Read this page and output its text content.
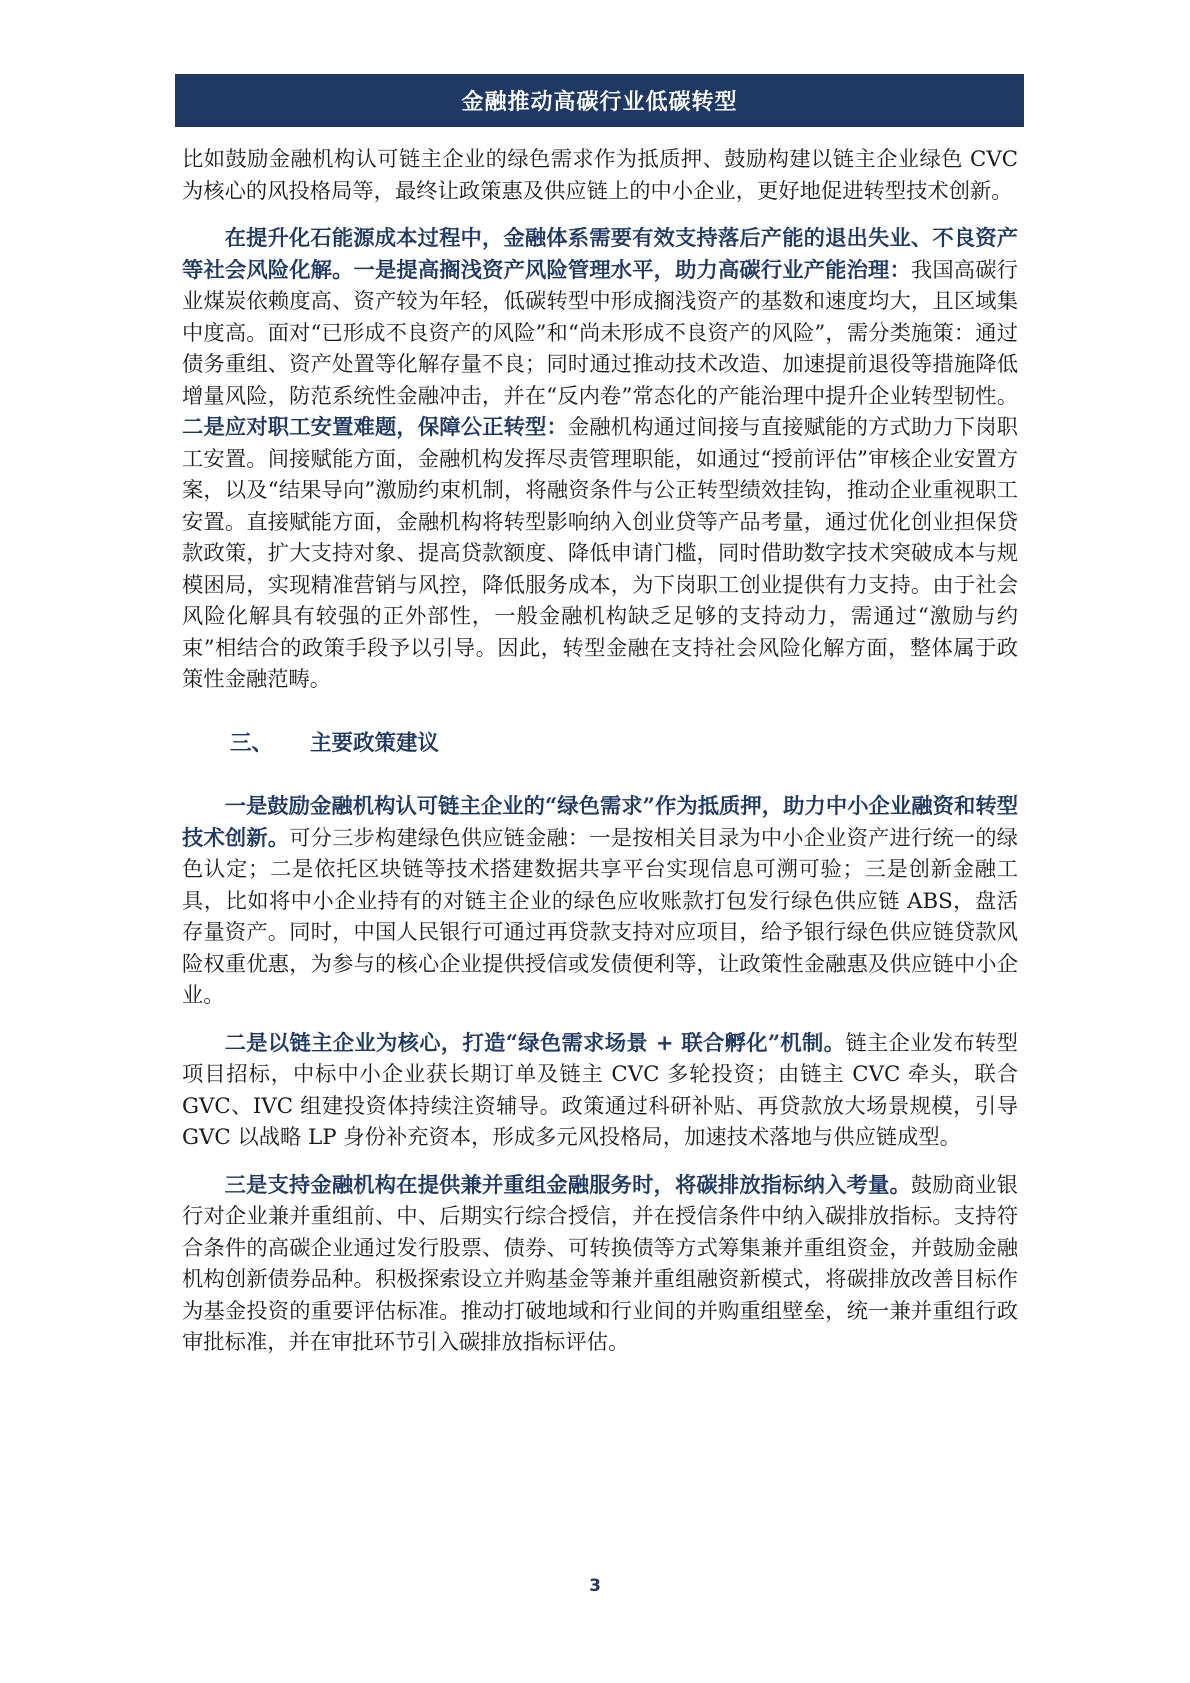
金融推动高碳行业低碳转型

比如鼓励金融机构认可链主企业的绿色需求作为抵质押、鼓励构建以链主企业绿色 CVC 为核心的风投格局等，最终让政策惠及供应链上的中小企业，更好地促进转型技术创新。

在提升化石能源成本过程中，金融体系需要有效支持落后产能的退出失业、不良资产等社会风险化解。一是提高搁浅资产风险管理水平，助力高碳行业产能治理：我国高碳行业煤炭依赖度高、资产较为年轻，低碳转型中形成搁浅资产的基数和速度均大，且区域集中度高。面对“已形成不良资产的风险”和“尚未形成不良资产的风险”，需分类施策：通过债务重组、资产处置等化解存量不良；同时通过推动技术改造、加速提前退役等措施降低增量风险，防范系统性金融冲击，并在“反内卷”常态化的产能治理中提升企业转型韧性。二是应对职工安置难题，保障公正转型：金融机构通过间接与直接赋能的方式助力下岗职工安置。间接赋能方面，金融机构发挥尽责管理职能，如通过“授前评估”审核企业安置方案，以及“结果导向”激励约束机制，将融资条件与公正转型绩效挂钩，推动企业重视职工安置。直接赋能方面，金融机构将转型影响纳入创业贷等产品考量，通过优化创业担保贷款政策，扩大支持对象、提高贷款额度、降低申请门槛，同时借助数字技术突破成本与规模困局，实现精准营销与风控，降低服务成本，为下岗职工创业提供有力支持。由于社会风险化解具有较强的正外部性，一般金融机构缺乏足够的支持动力，需通过“激励与约束”相结合的政策手段予以引导。因此，转型金融在支持社会风险化解方面，整体属于政策性金融范畴。

三、	主要政策建议

一是鼓励金融机构认可链主企业的“绿色需求”作为抵质押，助力中小企业融资和转型技术创新。可分三步构建绿色供应链金融：一是按相关目录为中小企业资产进行统一的绿色认定；二是依托区块链等技术搭建数据共享平台实现信息可溯可验；三是创新金融工具，比如将中小企业持有的对链主企业的绿色应收账款打包发行绿色供应链 ABS，盘活存量资产。同时，中国人民银行可通过再贷款支持对应项目，给予银行绿色供应链贷款风险权重优惠，为参与的核心企业提供授信或发债便利等，让政策性金融惠及供应链中小企业。

二是以链主企业为核心，打造“绿色需求场景 + 联合孵化”机制。链主企业发布转型项目招标，中标中小企业获长期订单及链主 CVC 多轮投资；由链主 CVC 牵头，联合 GVC、IVC 组建投资体持续注资辅导。政策通过科研补贴、再贷款放大场景规模，引导 GVC 以战略 LP 身份补充资本，形成多元风投格局，加速技术落地与供应链成型。

三是支持金融机构在提供兼并重组金融服务时，将碳排放指标纳入考量。鼓励商业银行对企业兼并重组前、中、后期实行综合授信，并在授信条件中纳入碳排放指标。支持符合条件的高碳企业通过发行股票、债券、可转换债等方式筹集兼并重组资金，并鼓励金融机构创新债券品种。积极探索设立并购基金等兼并重组融资新模式，将碳排放改善目标作为基金投资的重要评估标准。推动打破地域和行业间的并购重组壁垒，统一兼并重组行政审批标准，并在审批环节引入碳排放指标评估。

3
